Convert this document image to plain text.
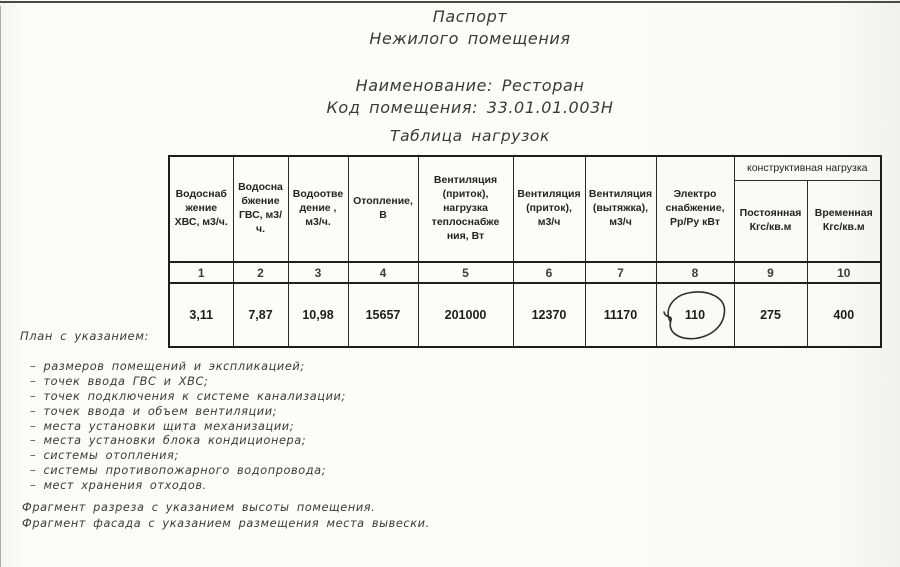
Паспорт
Нежилого помещения
Наименование: Ресторан
Код помещения: 33.01.01.003Н
Таблица нагрузок
Водоснаб жение ХВС, м3/ч.	Водосна бжение ГВС, м3/ч.	Водоотве дение , м3/ч.	Отопление, В	Вентиляция (приток), нагрузка теплоснабже ния, Вт	Вентиляция (приток), м3/ч	Вентиляция (вытяжка), м3/ч	Электро снабжение, Рр/Ру кВт	конструктивная нагрузка	
								Постоянная Кгс/кв.м	Временная Кгс/кв.м
1	2	3	4	5	6	7	8	9	10
3,11	7,87	10,98	15657	201000	12370	11170	110	275	400
План с указанием:
– размеров помещений и экспликацией;
– точек ввода ГВС и ХВС;
– точек подключения к системе канализации;
– точек ввода и объем вентиляции;
– места установки щита механизации;
– места установки блока кондиционера;
– системы отопления;
– системы противопожарного водопровода;
– мест хранения отходов.
Фрагмент разреза с указанием высоты помещения.
Фрагмент фасада с указанием размещения места вывески.
